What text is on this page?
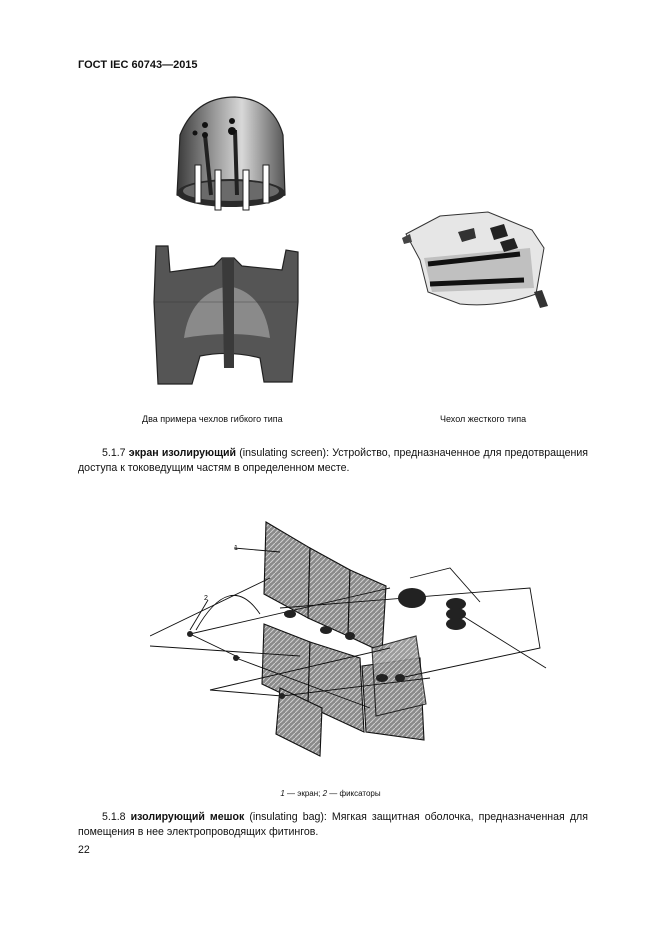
ГОСТ IEC 60743—2015
Два примера чехлов гибкого типа	Чехол жесткого типа
5.1.7 экран изолирующий (insulating screen): Устройство, предназначенное для предотвращения доступа к токоведущим частям в определенном месте.
1
2
1 — экран; 2 — фиксаторы
5.1.8 изолирующий мешок (insulating bag): Мягкая защитная оболочка, предназначенная для помещения в нее электропроводящих фитингов.
22
